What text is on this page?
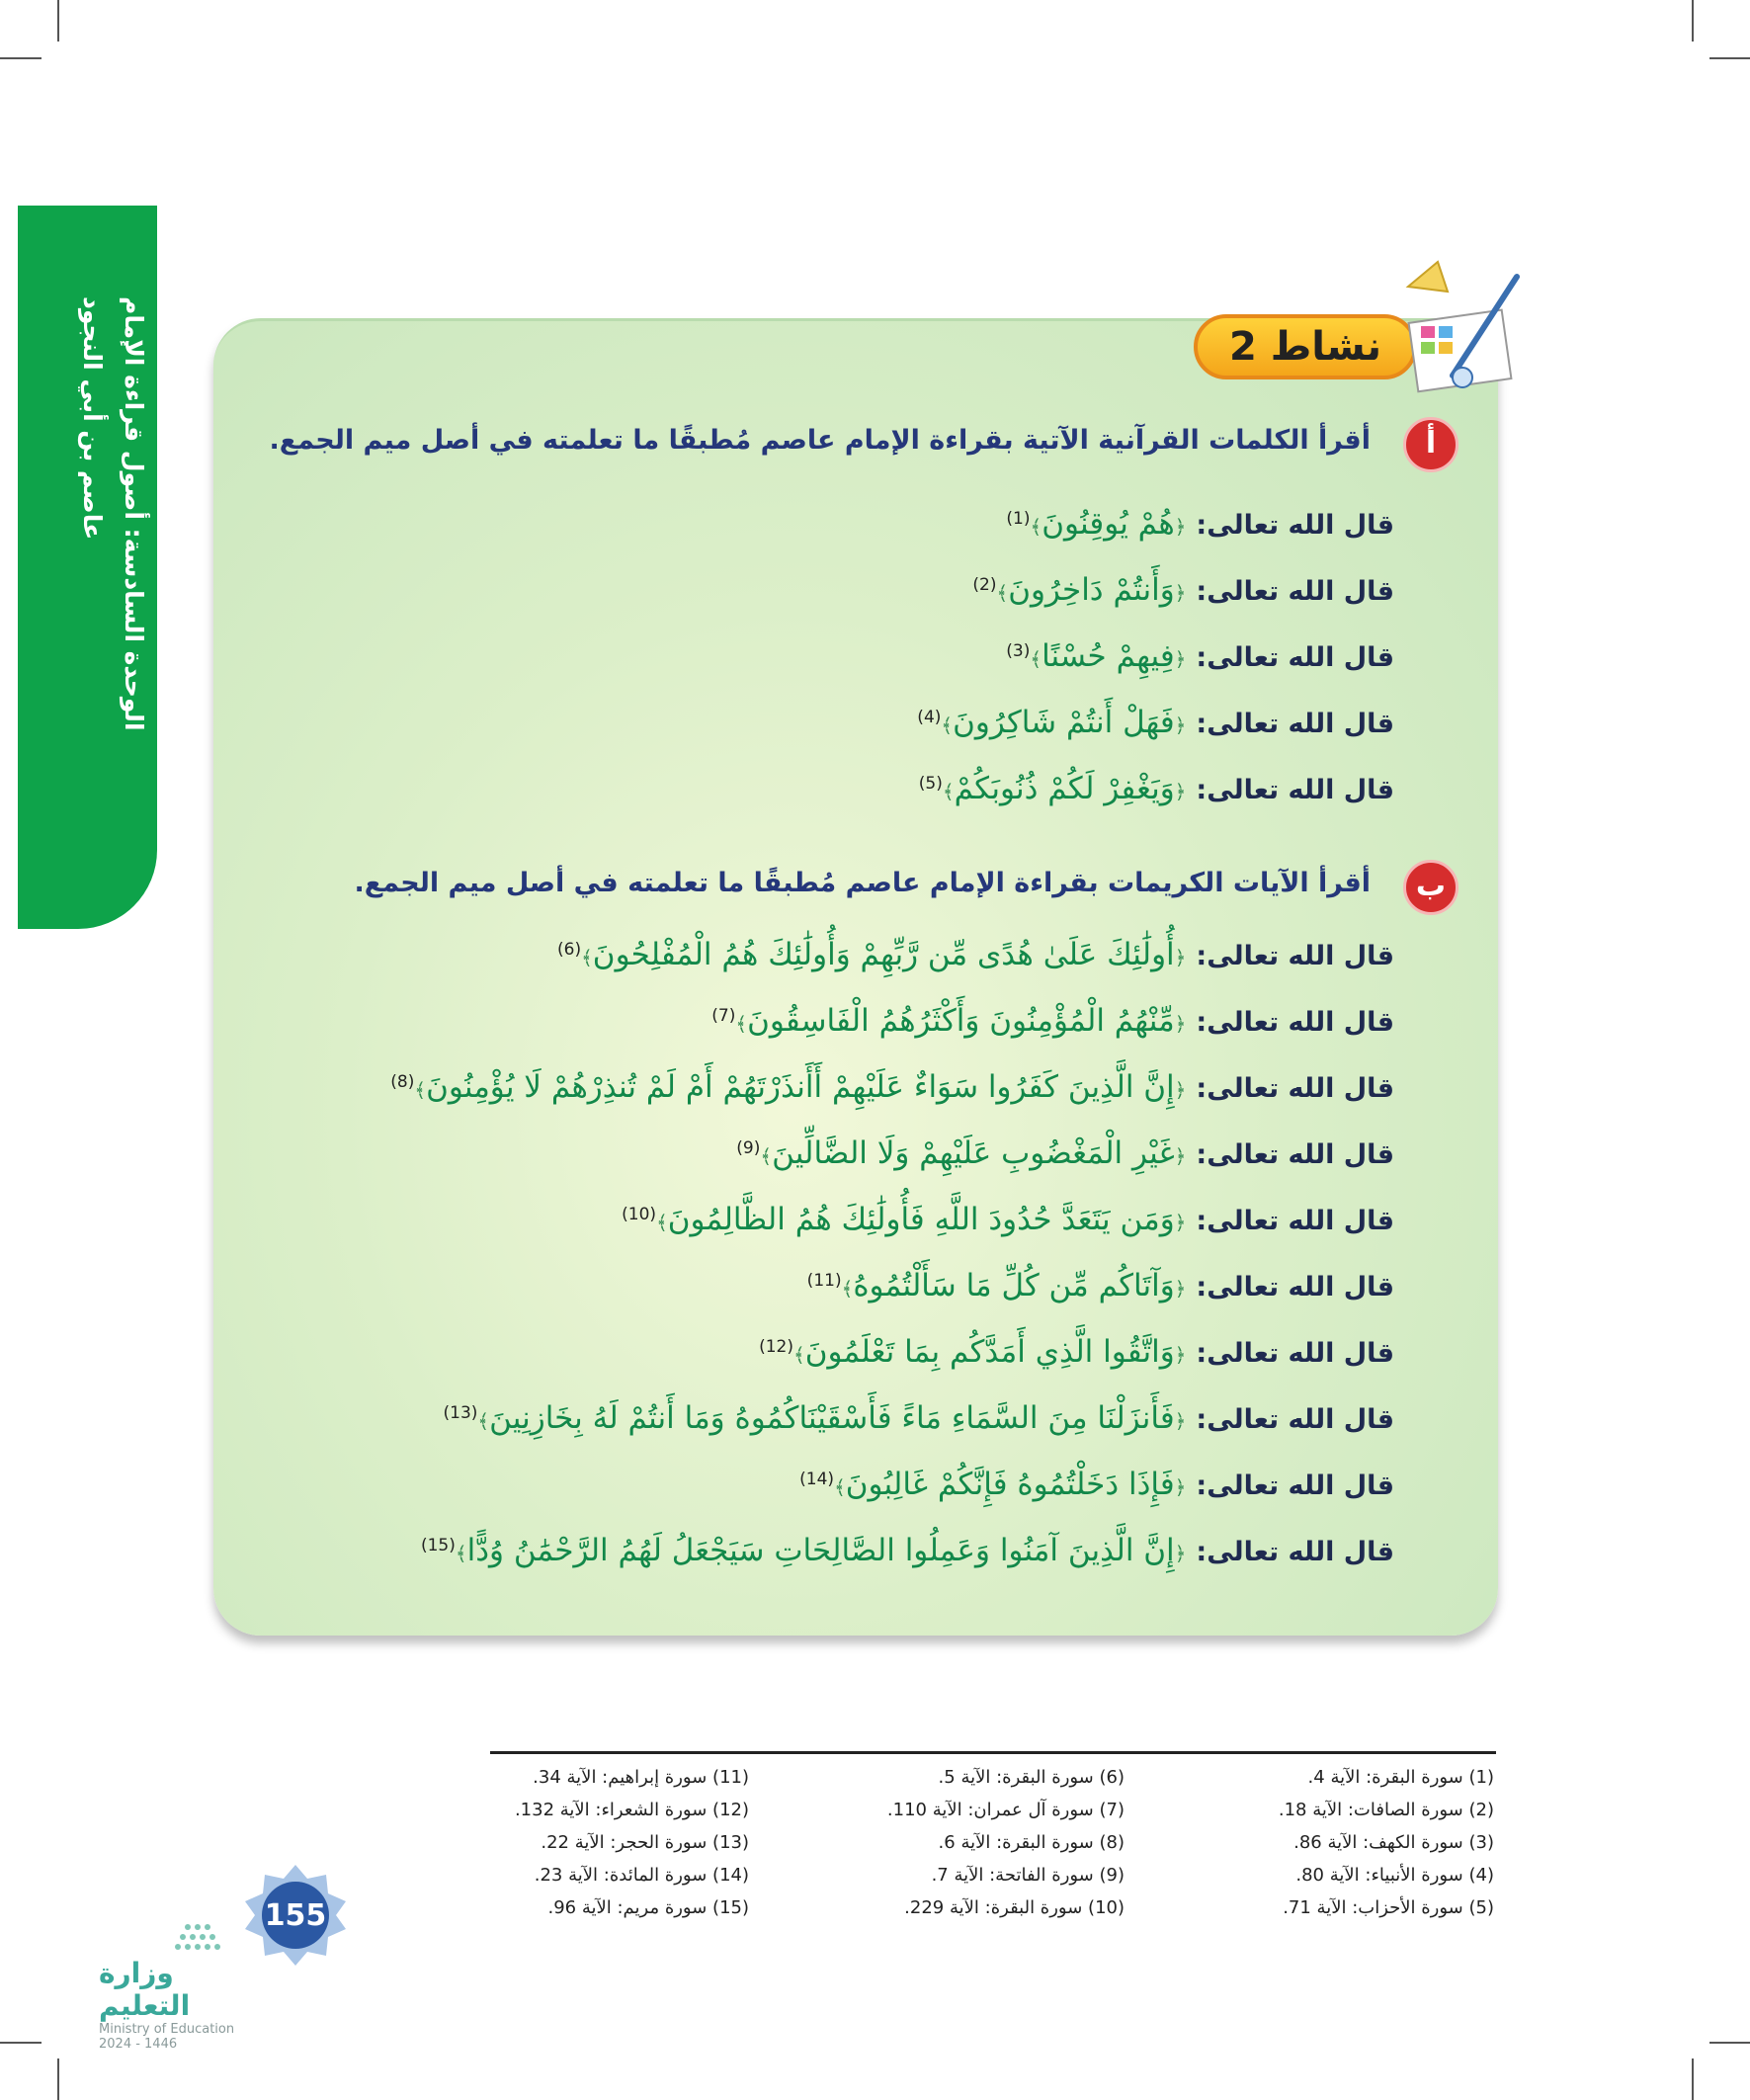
الوحدة السادسة: أصول قراءة الإمام
عاصم بن أبي النجود	نشاط 2
أ
أقرأ الكلمات القرآنية الآتية بقراءة الإمام عاصم مُطبقًا ما تعلمته في أصل ميم الجمع.
قال الله تعالى:﴿هُمْ يُوقِنُونَ﴾$^{(1)}$
قال الله تعالى:﴿وَأَنتُمْ دَاخِرُونَ﴾$^{(2)}$
قال الله تعالى:﴿فِيهِمْ حُسْنًا﴾$^{(3)}$
قال الله تعالى:﴿فَهَلْ أَنتُمْ شَاكِرُونَ﴾$^{(4)}$
قال الله تعالى:﴿وَيَغْفِرْ لَكُمْ ذُنُوبَكُمْ﴾$^{(5)}$
ب
أقرأ الآيات الكريمات بقراءة الإمام عاصم مُطبقًا ما تعلمته في أصل ميم الجمع.
قال الله تعالى:﴿أُولَٰئِكَ عَلَىٰ هُدًى مِّن رَّبِّهِمْ وَأُولَٰئِكَ هُمُ الْمُفْلِحُونَ﴾$^{(6)}$
قال الله تعالى:﴿مِّنْهُمُ الْمُؤْمِنُونَ وَأَكْثَرُهُمُ الْفَاسِقُونَ﴾$^{(7)}$
قال الله تعالى:﴿إِنَّ الَّذِينَ كَفَرُوا سَوَاءٌ عَلَيْهِمْ أَأَنذَرْتَهُمْ أَمْ لَمْ تُنذِرْهُمْ لَا يُؤْمِنُونَ﴾$^{(8)}$
قال الله تعالى:﴿غَيْرِ الْمَغْضُوبِ عَلَيْهِمْ وَلَا الضَّالِّينَ﴾$^{(9)}$
قال الله تعالى:﴿وَمَن يَتَعَدَّ حُدُودَ اللَّهِ فَأُولَٰئِكَ هُمُ الظَّالِمُونَ﴾$^{(10)}$
قال الله تعالى:﴿وَآتَاكُم مِّن كُلِّ مَا سَأَلْتُمُوهُ﴾$^{(11)}$
قال الله تعالى:﴿وَاتَّقُوا الَّذِي أَمَدَّكُم بِمَا تَعْلَمُونَ﴾$^{(12)}$
قال الله تعالى:﴿فَأَنزَلْنَا مِنَ السَّمَاءِ مَاءً فَأَسْقَيْنَاكُمُوهُ وَمَا أَنتُمْ لَهُ بِخَازِنِينَ﴾$^{(13)}$
قال الله تعالى:﴿فَإِذَا دَخَلْتُمُوهُ فَإِنَّكُمْ غَالِبُونَ﴾$^{(14)}$
قال الله تعالى:﴿إِنَّ الَّذِينَ آمَنُوا وَعَمِلُوا الصَّالِحَاتِ سَيَجْعَلُ لَهُمُ الرَّحْمَٰنُ وُدًّا﴾$^{(15)}$
(1) سورة البقرة: الآية 4.
(2) سورة الصافات: الآية 18.
(3) سورة الكهف: الآية 86.
(4) سورة الأنبياء: الآية 80.
(5) سورة الأحزاب: الآية 71.
(6) سورة البقرة: الآية 5.
(7) سورة آل عمران: الآية 110.
(8) سورة البقرة: الآية 6.
(9) سورة الفاتحة: الآية 7.
(10) سورة البقرة: الآية 229.
(11) سورة إبراهيم: الآية 34.
(12) سورة الشعراء: الآية 132.
(13) سورة الحجر: الآية 22.
(14) سورة المائدة: الآية 23.
(15) سورة مريم: الآية 96.
155
وزارة التعليم
Ministry of Education
2024 - 1446
